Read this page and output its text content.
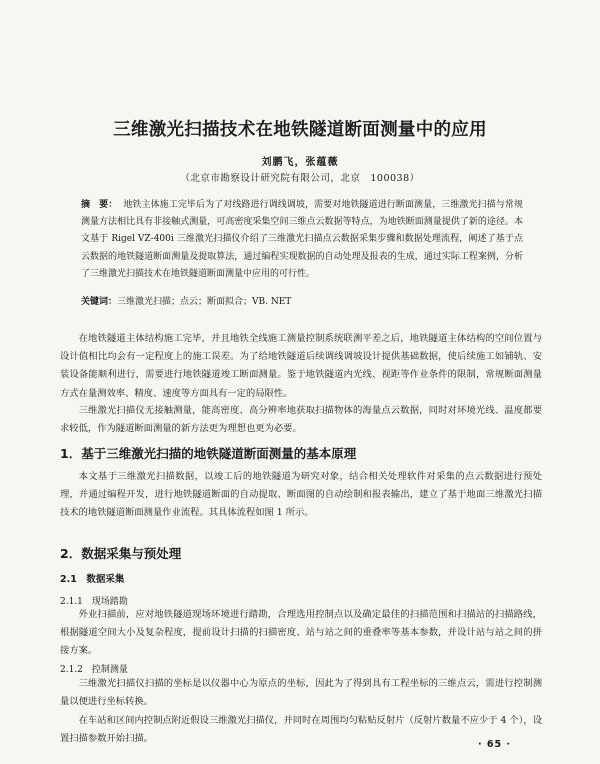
三维激光扫描技术在地铁隧道断面测量中的应用
刘鹏飞，张蕴薇
（北京市勘察设计研究院有限公司，北京　100038）
摘　要： 地铁主体施工完毕后为了对线路进行调线调坡，需要对地铁隧道进行断面测量，三维激光扫描与常规测量方法相比具有非接触式测量，可高密度采集空间三维点云数据等特点，为地铁断面测量提供了新的途径。本文基于 Rigel VZ-400i 三维激光扫描仪介绍了三维激光扫描点云数据采集步骤和数据处理流程，阐述了基于点云数据的地铁隧道断面测量及提取算法，通过编程实现数据的自动处理及报表的生成，通过实际工程案例，分析了三维激光扫描技术在地铁隧道断面测量中应用的可行性。
关键词：三维激光扫描；点云；断面拟合；VB. NET
在地铁隧道主体结构施工完毕，并且地铁全线施工测量控制系统联测平差之后，地铁隧道主体结构的空间位置与设计值相比均会有一定程度上的施工误差。为了给地铁隧道后续调线调坡设计提供基础数据，使后续施工如铺轨、安装设备能顺利进行，需要进行地铁隧道竣工断面测量。鉴于地铁隧道内光线、视距等作业条件的限制，常规断面测量方式在量测效率、精度、速度等方面具有一定的局限性。
三维激光扫描仪无接触测量，能高密度、高分辨率地获取扫描物体的海量点云数据，同时对环境光线、温度都要求较低，作为隧道断面测量的新方法更为理想也更为必要。
1．基于三维激光扫描的地铁隧道断面测量的基本原理
本文基于三维激光扫描数据，以竣工后的地铁隧道为研究对象，结合相关处理软件对采集的点云数据进行预处理，并通过编程开发，进行地铁隧道断面的自动提取、断面图的自动绘制和报表输出，建立了基于地面三维激光扫描技术的地铁隧道断面测量作业流程。其具体流程如图 1 所示。
2．数据采集与预处理
2.1　数据采集
2.1.1　现场踏勘
外业扫描前，应对地铁隧道现场环境进行踏勘，合理选用控制点以及确定最佳的扫描范围和扫描站的扫描路线，根据隧道空间大小及复杂程度，提前设计扫描的扫描密度、站与站之间的重叠率等基本参数，并设计站与站之间的拼接方案。
2.1.2　控制测量
三维激光扫描仪扫描的坐标是以仪器中心为原点的坐标，因此为了得到具有工程坐标的三维点云，需进行控制测量以便进行坐标转换。
在车站和区间内控制点附近假设三维激光扫描仪，并同时在周围均匀粘贴反射片（反射片数量不应少于 4 个），设置扫描参数开始扫描。
· 65 ·
